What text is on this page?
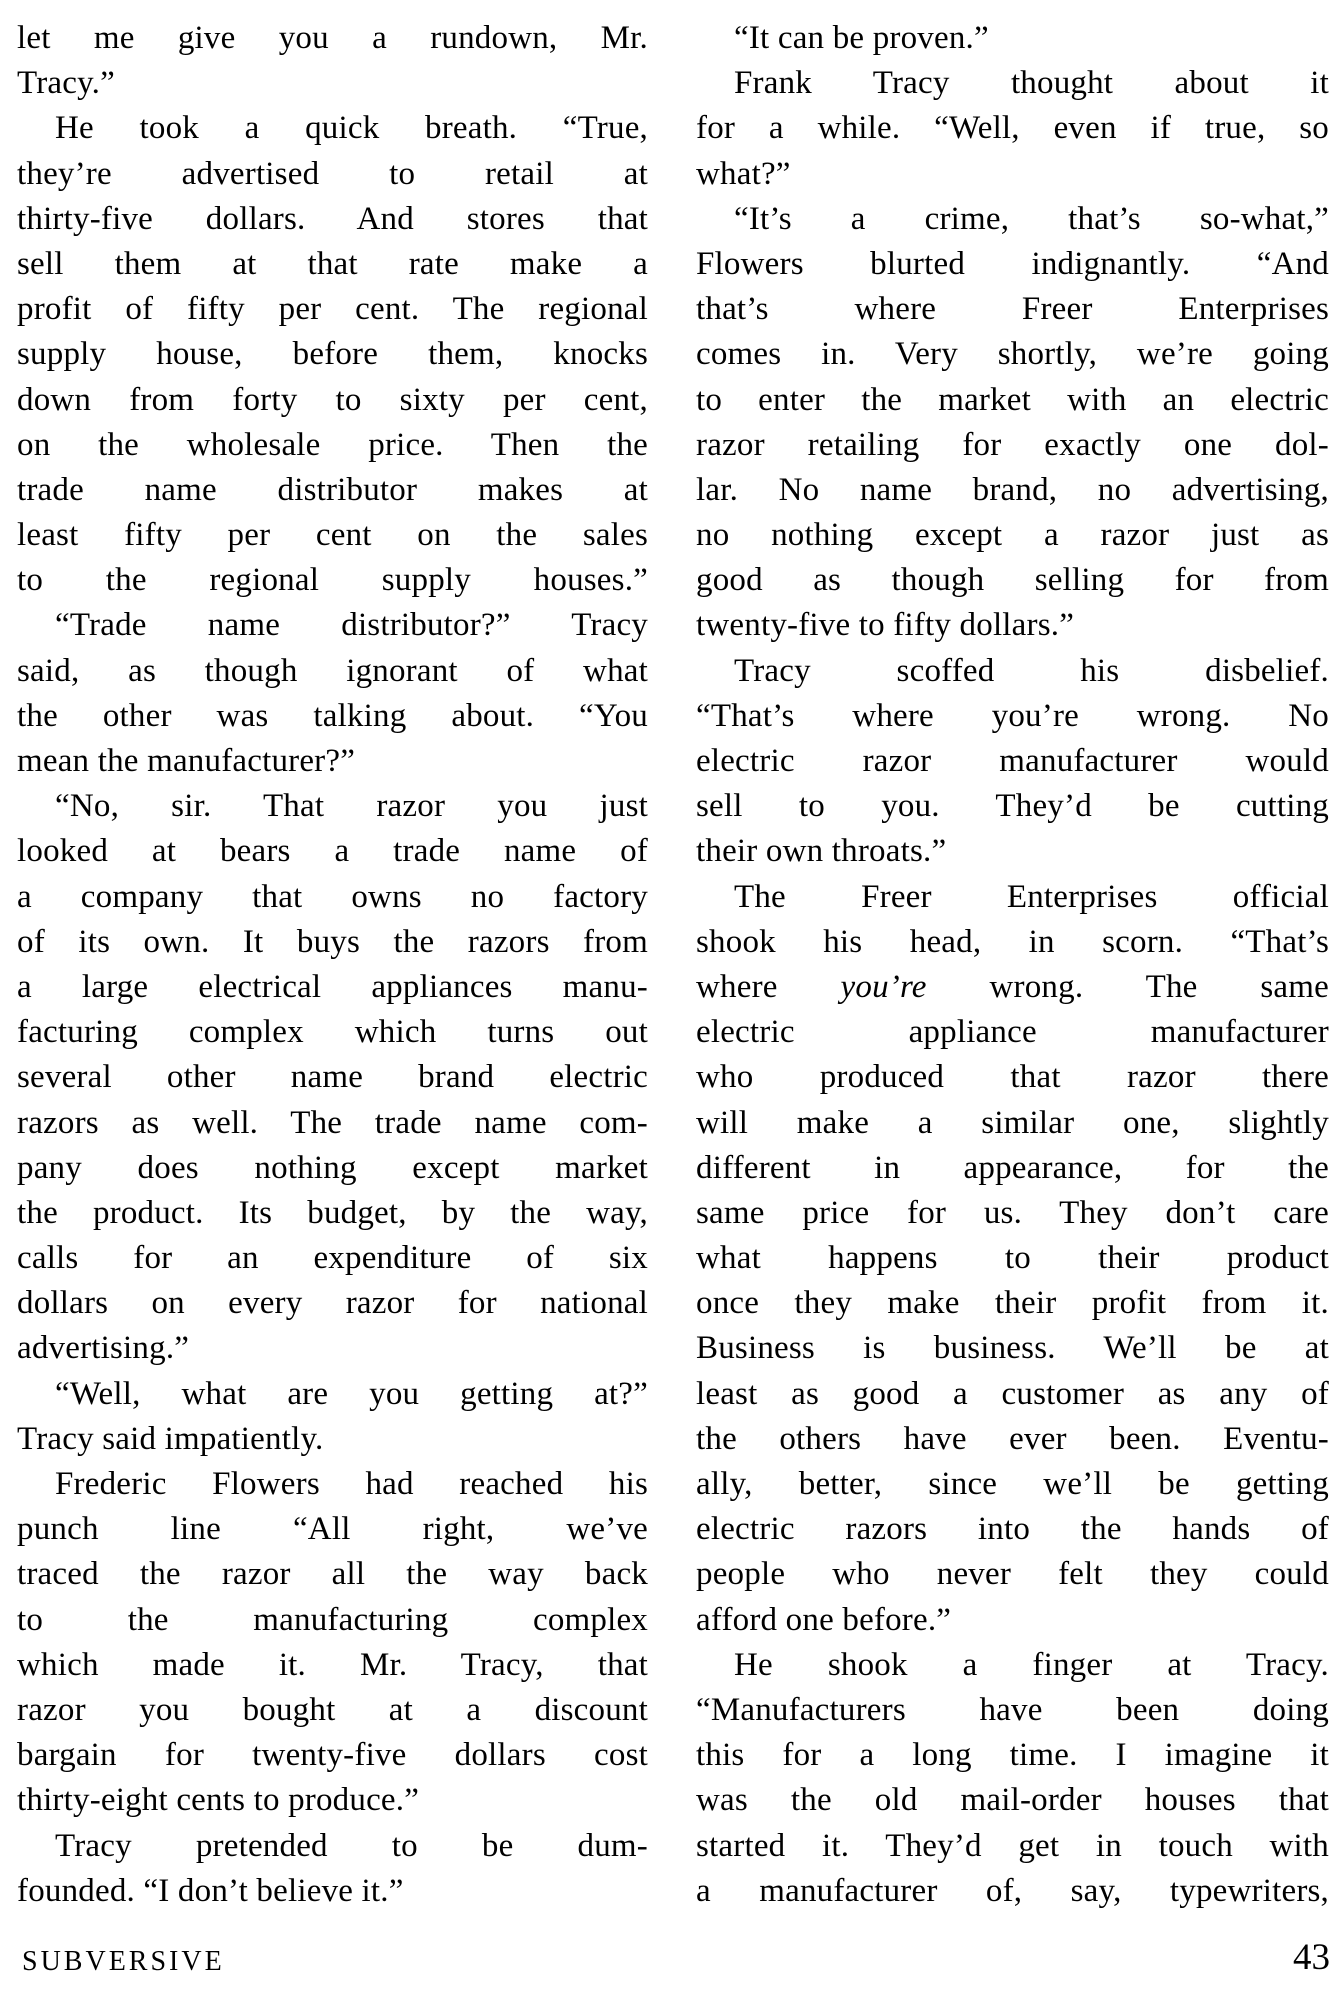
let me give you a rundown, Mr.
Tracy.”
He took a quick breath. “True,
they’re advertised to retail at
thirty-five dollars. And stores that
sell them at that rate make a
profit of fifty per cent. The regional
supply house, before them, knocks
down from forty to sixty per cent,
on the wholesale price. Then the
trade name distributor makes at
least fifty per cent on the sales
to the regional supply houses.”
“Trade name distributor?” Tracy
said, as though ignorant of what
the other was talking about. “You
mean the manufacturer?”
“No, sir. That razor you just
looked at bears a trade name of
a company that owns no factory
of its own. It buys the razors from
a large electrical appliances manu-
facturing complex which turns out
several other name brand electric
razors as well. The trade name com-
pany does nothing except market
the product. Its budget, by the way,
calls for an expenditure of six
dollars on every razor for national
advertising.”
“Well, what are you getting at?”
Tracy said impatiently.
Frederic Flowers had reached his
punch line “All right, we’ve
traced the razor all the way back
to the manufacturing complex
which made it. Mr. Tracy, that
razor you bought at a discount
bargain for twenty-five dollars cost
thirty-eight cents to produce.”
Tracy pretended to be dum-
founded. “I don’t believe it.”
“It can be proven.”
Frank Tracy thought about it
for a while. “Well, even if true, so
what?”
“It’s a crime, that’s so-what,”
Flowers blurted indignantly. “And
that’s where Freer Enterprises
comes in. Very shortly, we’re going
to enter the market with an electric
razor retailing for exactly one dol-
lar. No name brand, no advertising,
no nothing except a razor just as
good as though selling for from
twenty-five to fifty dollars.”
Tracy scoffed his disbelief.
“That’s where you’re wrong. No
electric razor manufacturer would
sell to you. They’d be cutting
their own throats.”
The Freer Enterprises official
shook his head, in scorn. “That’s
where you’re wrong. The same
electric appliance manufacturer
who produced that razor there
will make a similar one, slightly
different in appearance, for the
same price for us. They don’t care
what happens to their product
once they make their profit from it.
Business is business. We’ll be at
least as good a customer as any of
the others have ever been. Eventu-
ally, better, since we’ll be getting
electric razors into the hands of
people who never felt they could
afford one before.”
He shook a finger at Tracy.
“Manufacturers have been doing
this for a long time. I imagine it
was the old mail-order houses that
started it. They’d get in touch with
a manufacturer of, say, typewriters,
SUBVERSIVE	43
